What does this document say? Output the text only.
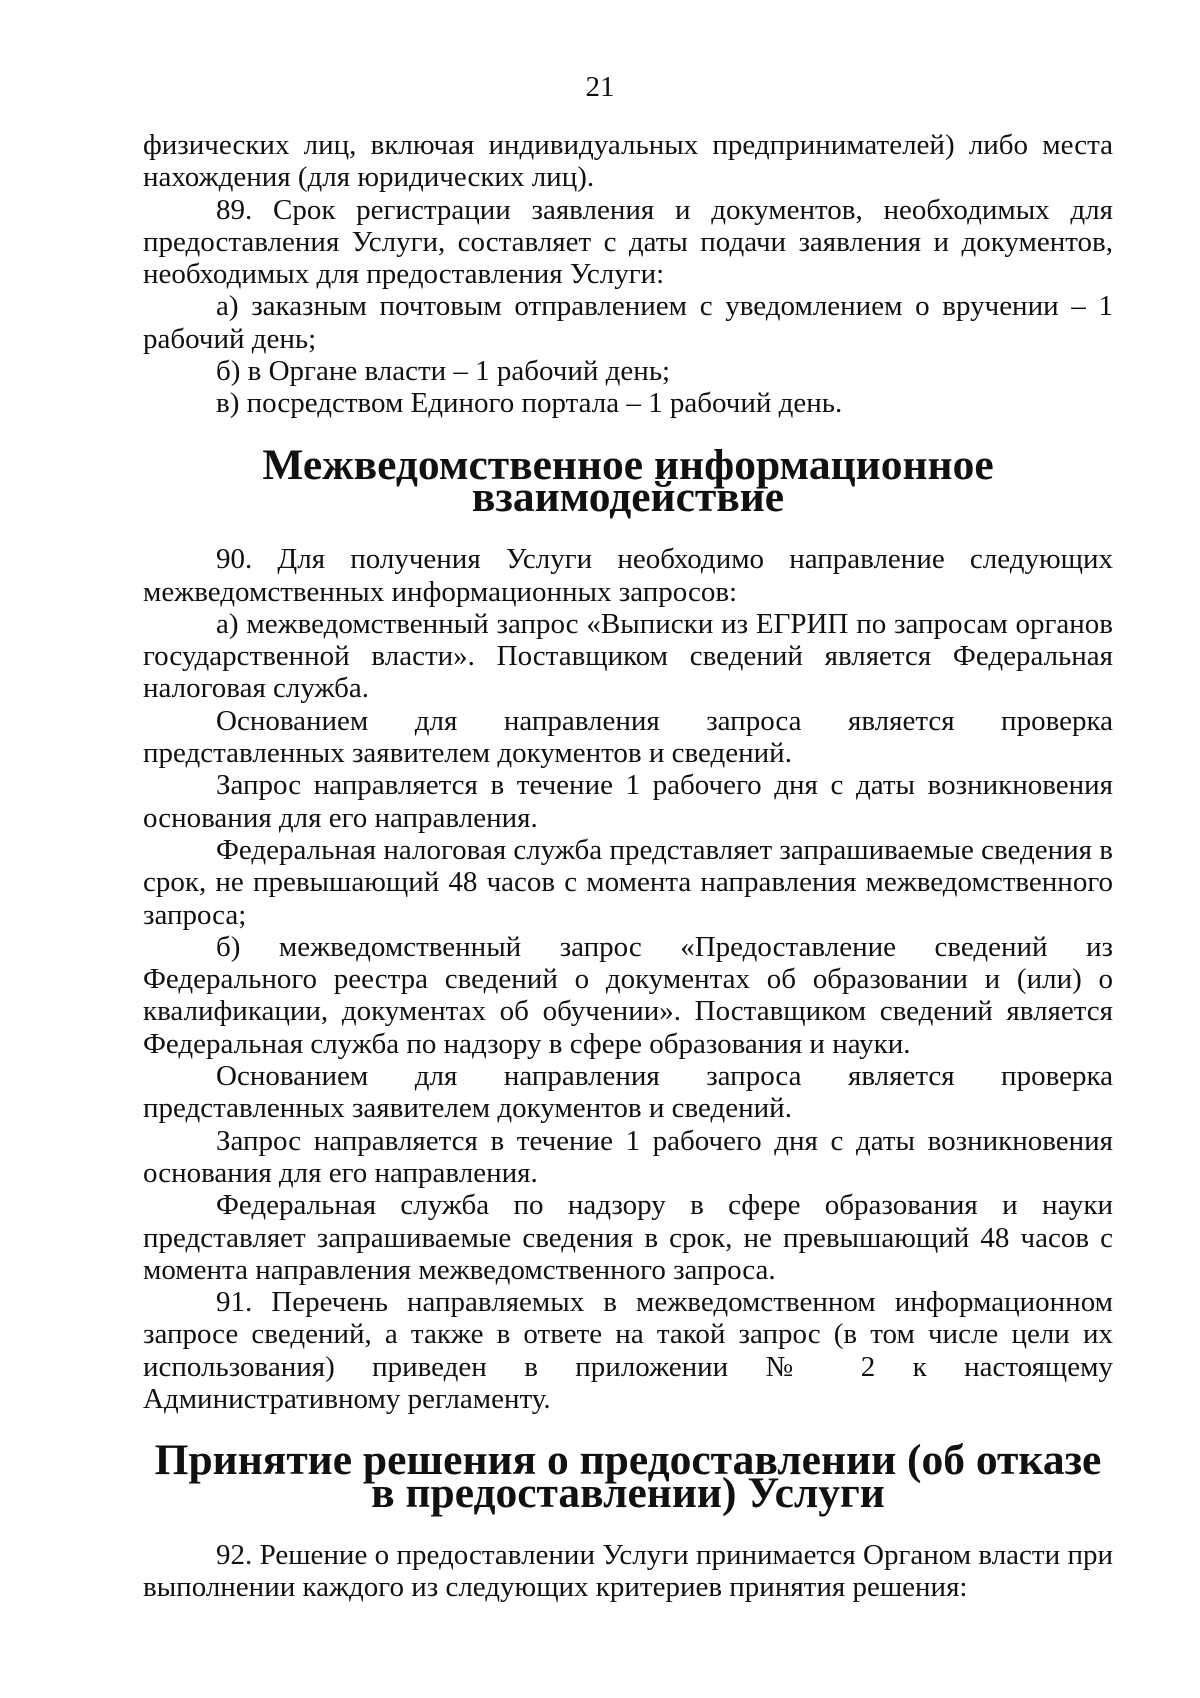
21

физических лиц, включая индивидуальных предпринимателей) либо места нахождения (для юридических лиц).

89. Срок регистрации заявления и документов, необходимых для предоставления Услуги, составляет с даты подачи заявления и документов, необходимых для предоставления Услуги:

а) заказным почтовым отправлением с уведомлением о вручении – 1 рабочий день;

б) в Органе власти – 1 рабочий день;

в) посредством Единого портала – 1 рабочий день.

Межведомственное информационное взаимодействие

90. Для получения Услуги необходимо направление следующих межведомственных информационных запросов:

а) межведомственный запрос «Выписки из ЕГРИП по запросам органов государственной власти». Поставщиком сведений является Федеральная налоговая служба.

Основанием для направления запроса является проверка представленных заявителем документов и сведений.

Запрос направляется в течение 1 рабочего дня с даты возникновения основания для его направления.

Федеральная налоговая служба представляет запрашиваемые сведения в срок, не превышающий 48 часов с момента направления межведомственного запроса;

б) межведомственный запрос «Предоставление сведений из Федерального реестра сведений о документах об образовании и (или) о квалификации, документах об обучении». Поставщиком сведений является Федеральная служба по надзору в сфере образования и науки.

Основанием для направления запроса является проверка представленных заявителем документов и сведений.

Запрос направляется в течение 1 рабочего дня с даты возникновения основания для его направления.

Федеральная служба по надзору в сфере образования и науки представляет запрашиваемые сведения в срок, не превышающий 48 часов с момента направления межведомственного запроса.

91. Перечень направляемых в межведомственном информационном запросе сведений, а также в ответе на такой запрос (в том числе цели их использования) приведен в приложении № 2 к настоящему Административному регламенту.

Принятие решения о предоставлении (об отказе в предоставлении) Услуги

92. Решение о предоставлении Услуги принимается Органом власти при выполнении каждого из следующих критериев принятия решения:
